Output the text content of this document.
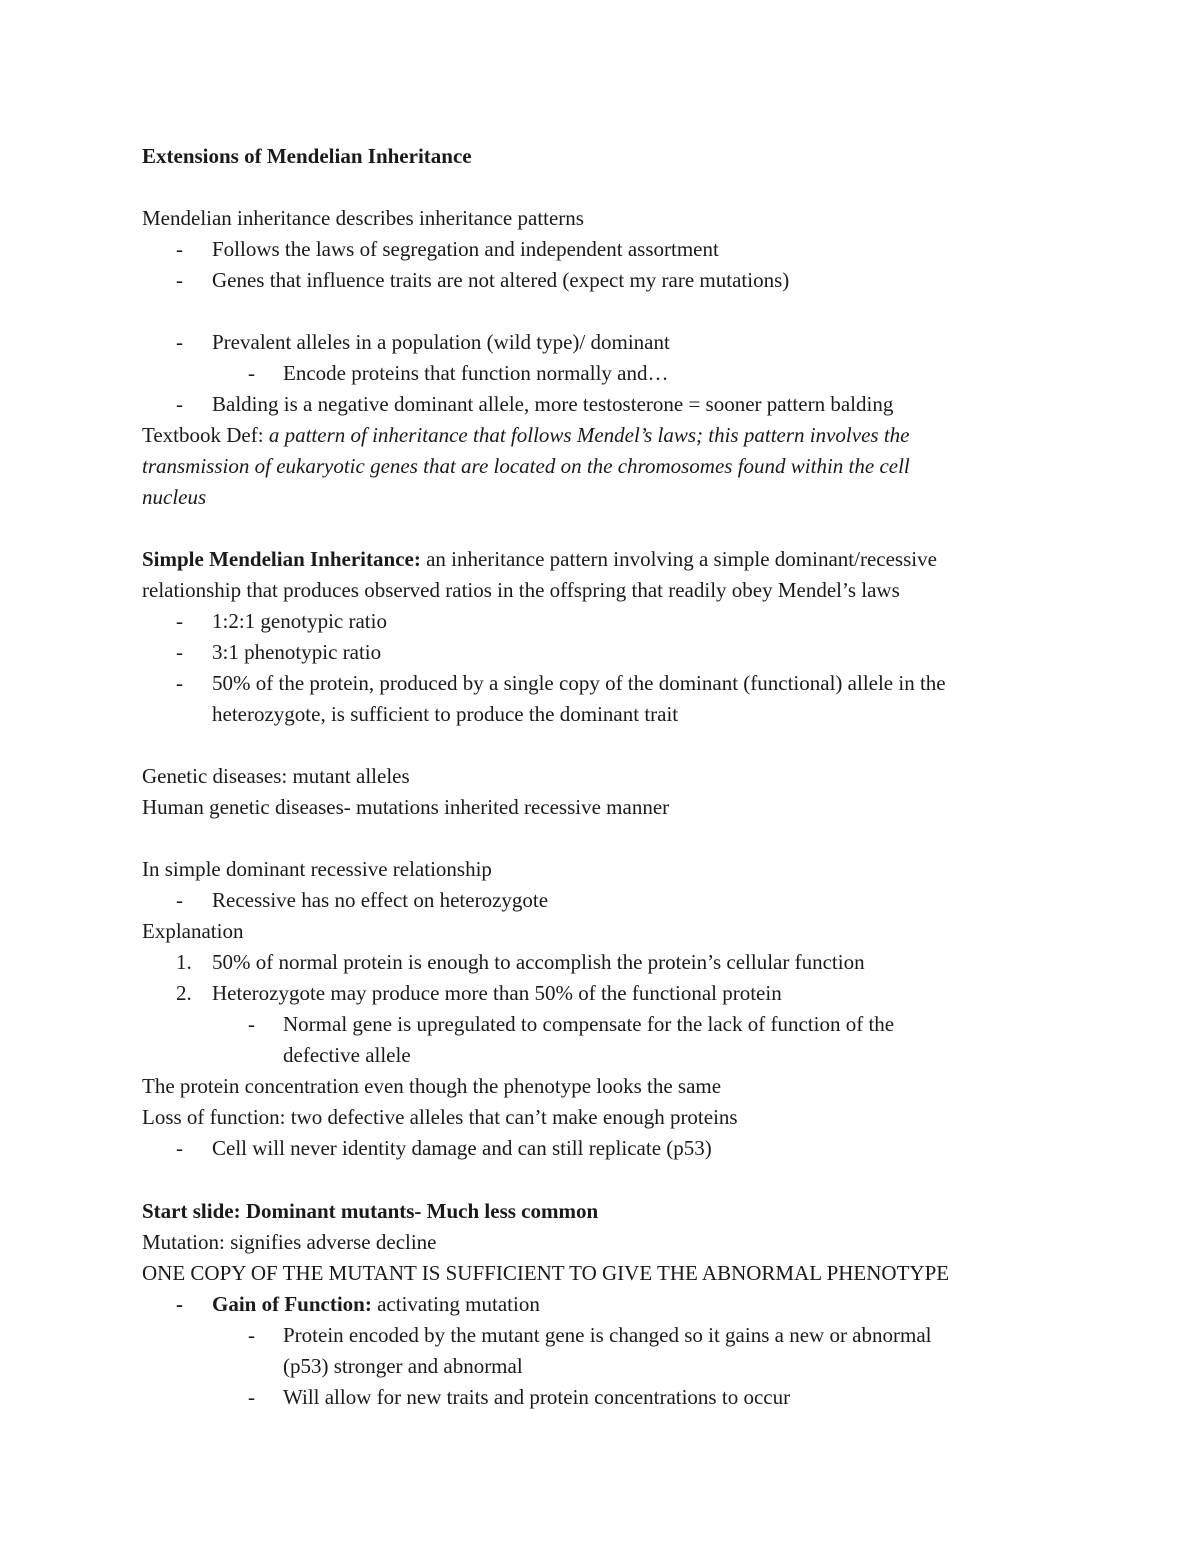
Extensions of Mendelian Inheritance
Mendelian inheritance describes inheritance patterns
- Follows the laws of segregation and independent assortment
- Genes that influence traits are not altered (expect my rare mutations)
- Prevalent alleles in a population (wild type)/ dominant
- Encode proteins that function normally and…
- Balding is a negative dominant allele, more testosterone = sooner pattern balding
Textbook Def: a pattern of inheritance that follows Mendel’s laws; this pattern involves the
transmission of eukaryotic genes that are located on the chromosomes found within the cell
nucleus
Simple Mendelian Inheritance: an inheritance pattern involving a simple dominant/recessive
relationship that produces observed ratios in the offspring that readily obey Mendel’s laws
- 1:2:1 genotypic ratio
- 3:1 phenotypic ratio
- 50% of the protein, produced by a single copy of the dominant (functional) allele in the
heterozygote, is sufficient to produce the dominant trait
Genetic diseases: mutant alleles
Human genetic diseases- mutations inherited recessive manner
In simple dominant recessive relationship
- Recessive has no effect on heterozygote
Explanation
1. 50% of normal protein is enough to accomplish the protein’s cellular function
2. Heterozygote may produce more than 50% of the functional protein
- Normal gene is upregulated to compensate for the lack of function of the
defective allele
The protein concentration even though the phenotype looks the same
Loss of function: two defective alleles that can’t make enough proteins
- Cell will never identity damage and can still replicate (p53)
Start slide: Dominant mutants- Much less common
Mutation: signifies adverse decline
ONE COPY OF THE MUTANT IS SUFFICIENT TO GIVE THE ABNORMAL PHENOTYPE
- Gain of Function: activating mutation
- Protein encoded by the mutant gene is changed so it gains a new or abnormal
(p53) stronger and abnormal
- Will allow for new traits and protein concentrations to occur
